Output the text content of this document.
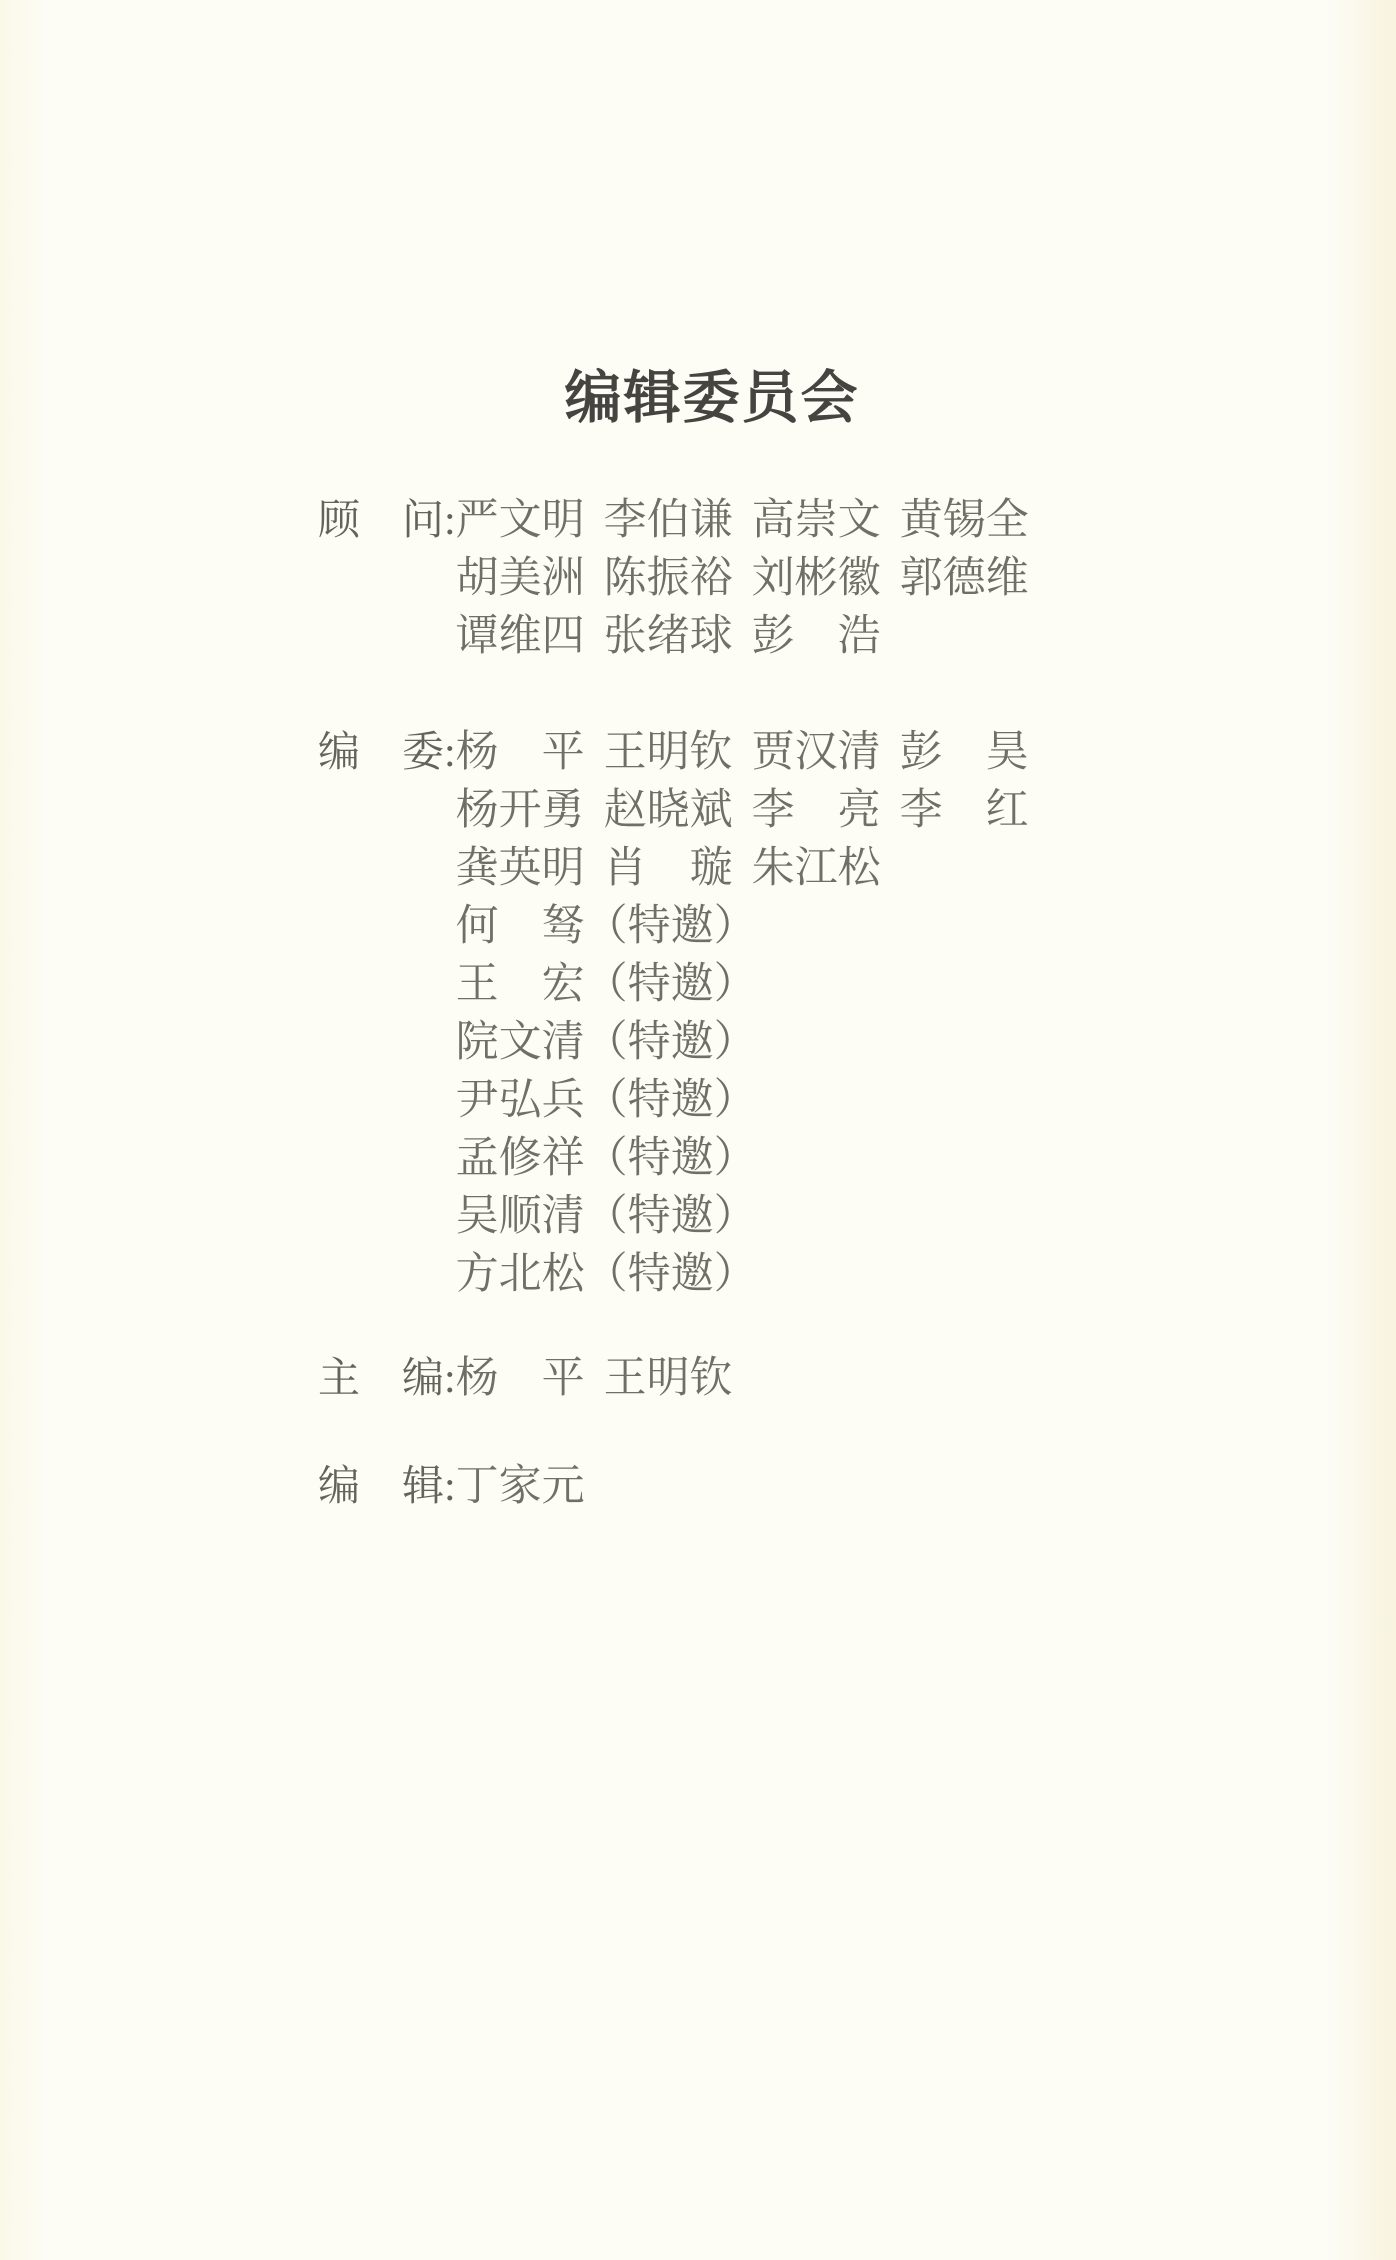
编辑委员会
顾　问: 严文明 李伯谦 高崇文 黄锡全
胡美洲 陈振裕 刘彬徽 郭德维
谭维四 张绪球 彭　浩
编　委: 杨　平 王明钦 贾汉清 彭　昊
杨开勇 赵晓斌 李　亮 李　红
龚英明 肖　璇 朱江松
何　驽（特邀）
王　宏（特邀）
院文清（特邀）
尹弘兵（特邀）
孟修祥（特邀）
吴顺清（特邀）
方北松（特邀）
主　编: 杨　平 王明钦
编　辑: 丁家元
